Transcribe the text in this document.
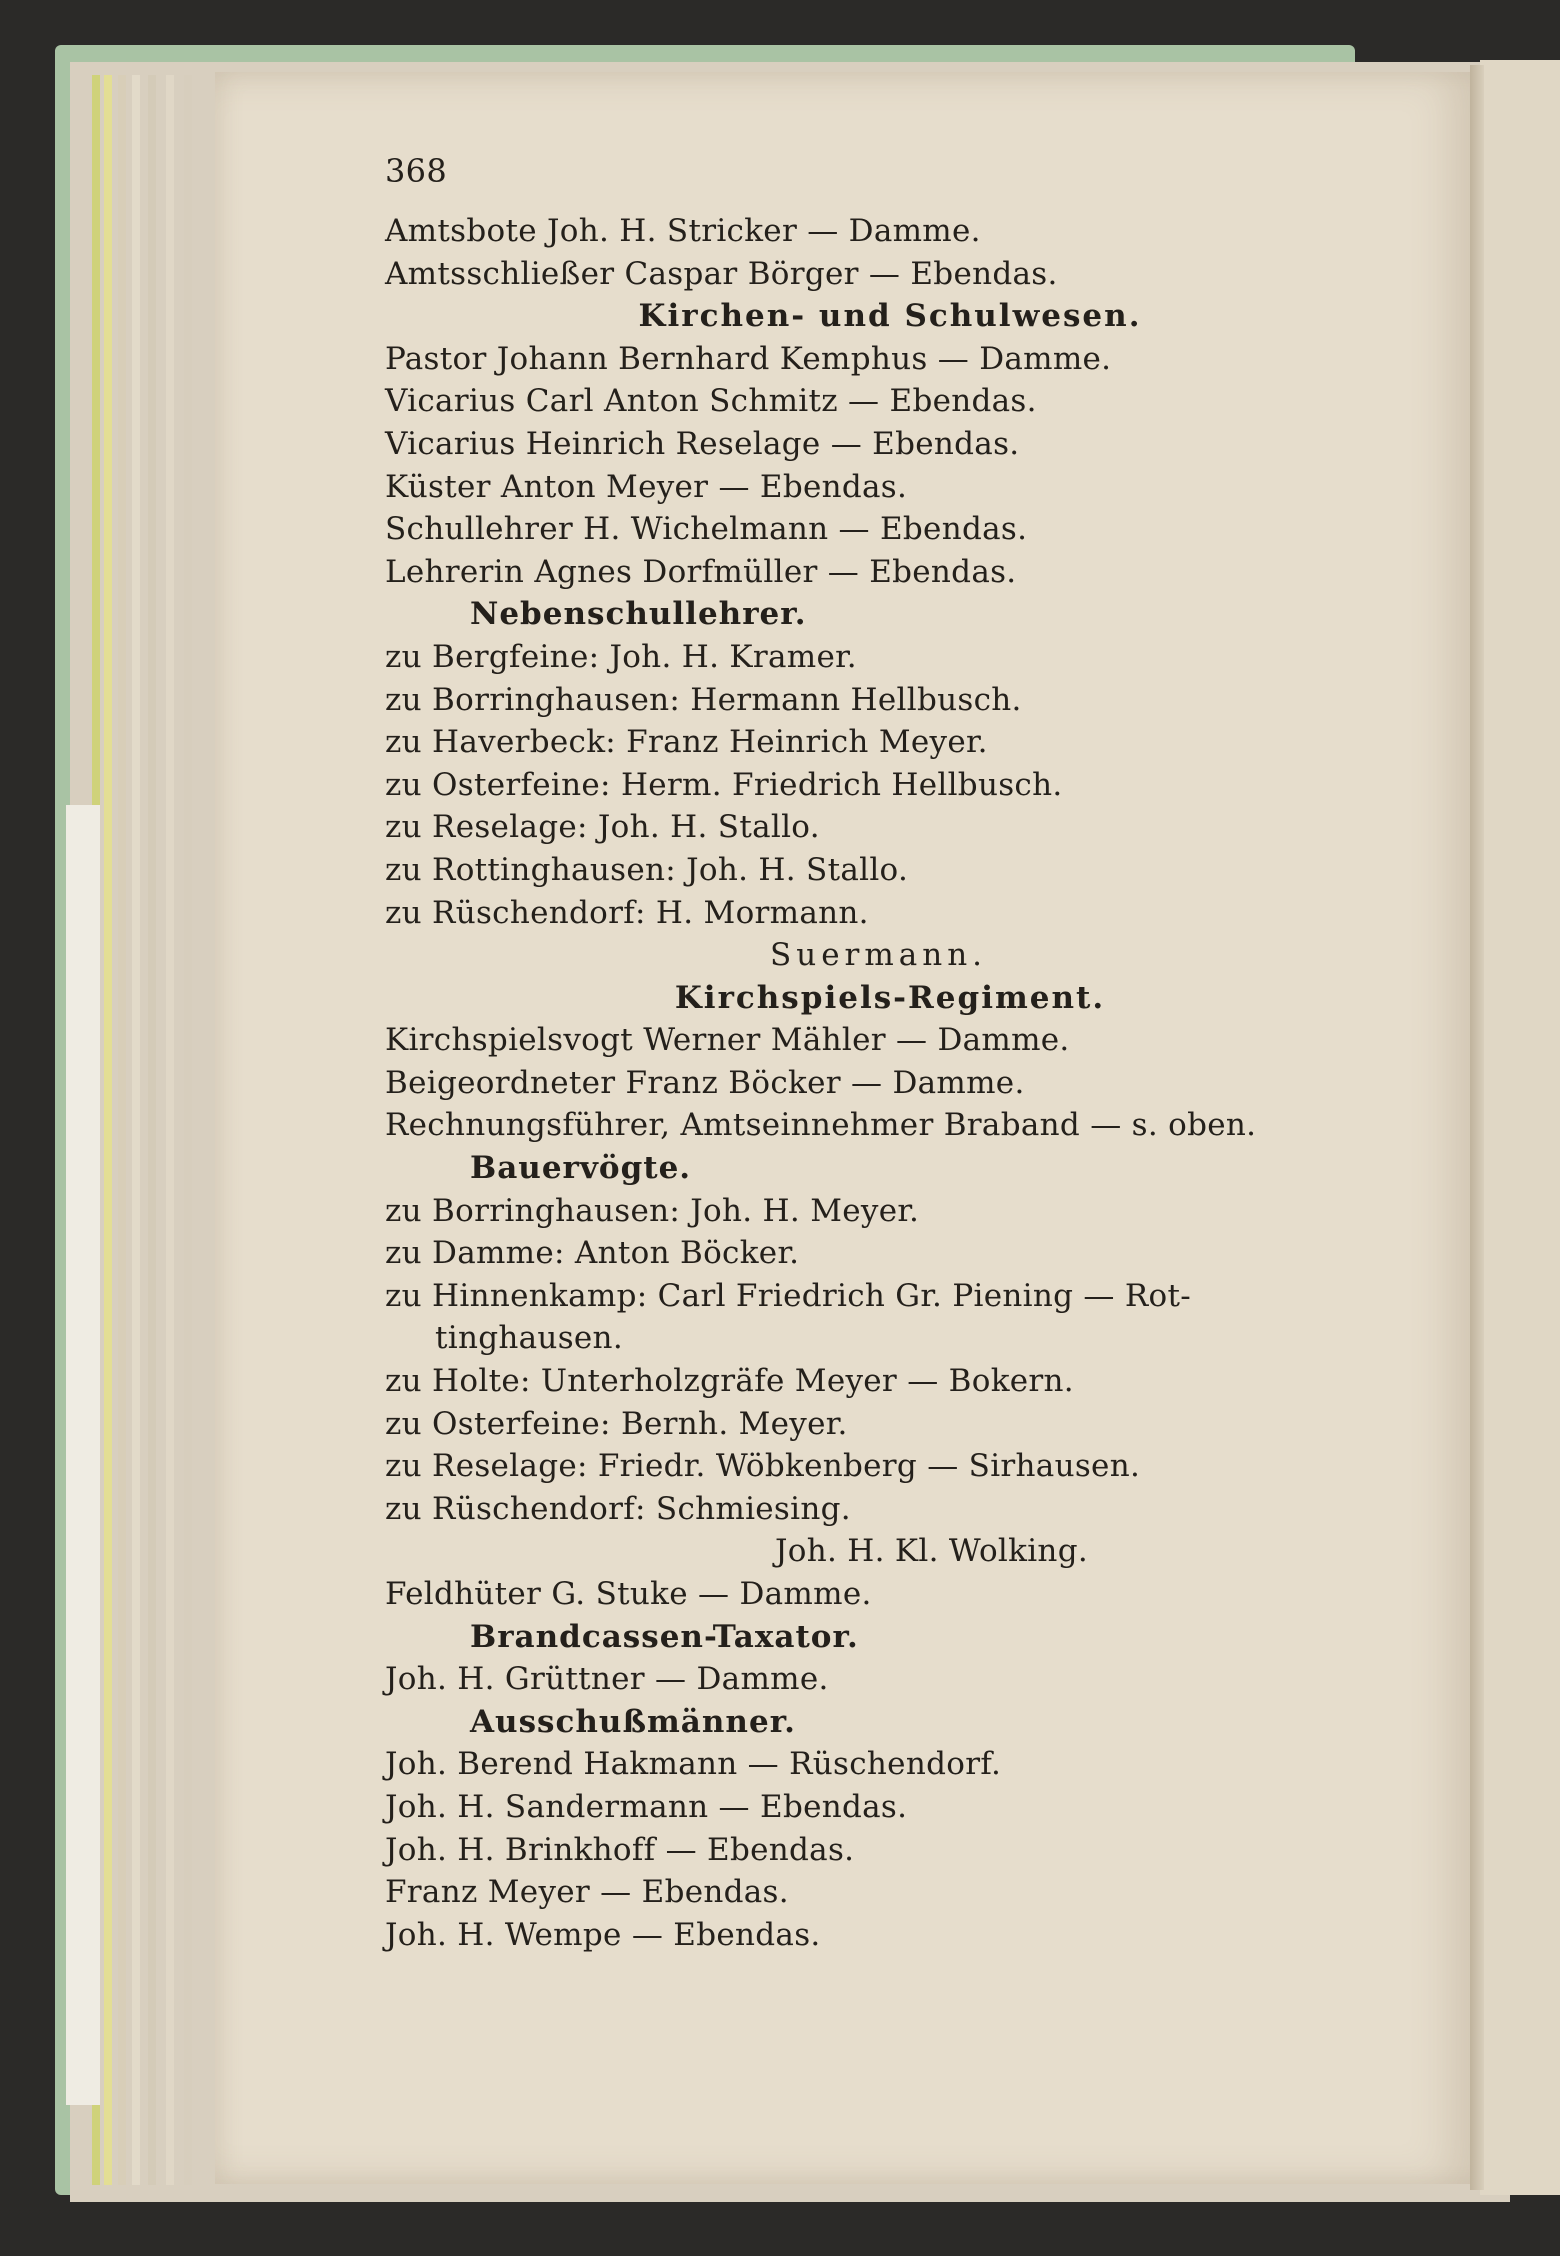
368
Amtsbote Joh. H. Stricker — Damme.
Amtsschließer Caspar Börger — Ebendas.
Kirchen- und Schulwesen.
Pastor Johann Bernhard Kemphus — Damme.
Vicarius Carl Anton Schmitz — Ebendas.
Vicarius Heinrich Reselage — Ebendas.
Küster Anton Meyer — Ebendas.
Schullehrer H. Wichelmann — Ebendas.
Lehrerin Agnes Dorfmüller — Ebendas.
Nebenschullehrer.
zu Bergfeine: Joh. H. Kramer.
zu Borringhausen: Hermann Hellbusch.
zu Haverbeck: Franz Heinrich Meyer.
zu Osterfeine: Herm. Friedrich Hellbusch.
zu Reselage: Joh. H. Stallo.
zu Rottinghausen: Joh. H. Stallo.
zu Rüschendorf: H. Mormann.
Suermann.
Kirchspiels-Regiment.
Kirchspielsvogt Werner Mähler — Damme.
Beigeordneter Franz Böcker — Damme.
Rechnungsführer, Amtseinnehmer Braband — s. oben.
Bauervögte.
zu Borringhausen: Joh. H. Meyer.
zu Damme: Anton Böcker.
zu Hinnenkamp: Carl Friedrich Gr. Piening — Rot-
tinghausen.
zu Holte: Unterholzgräfe Meyer — Bokern.
zu Osterfeine: Bernh. Meyer.
zu Reselage: Friedr. Wöbkenberg — Sirhausen.
zu Rüschendorf: Schmiesing.
Joh. H. Kl. Wolking.
Feldhüter G. Stuke — Damme.
Brandcassen-Taxator.
Joh. H. Grüttner — Damme.
Ausschußmänner.
Joh. Berend Hakmann — Rüschendorf.
Joh. H. Sandermann — Ebendas.
Joh. H. Brinkhoff — Ebendas.
Franz Meyer — Ebendas.
Joh. H. Wempe — Ebendas.
